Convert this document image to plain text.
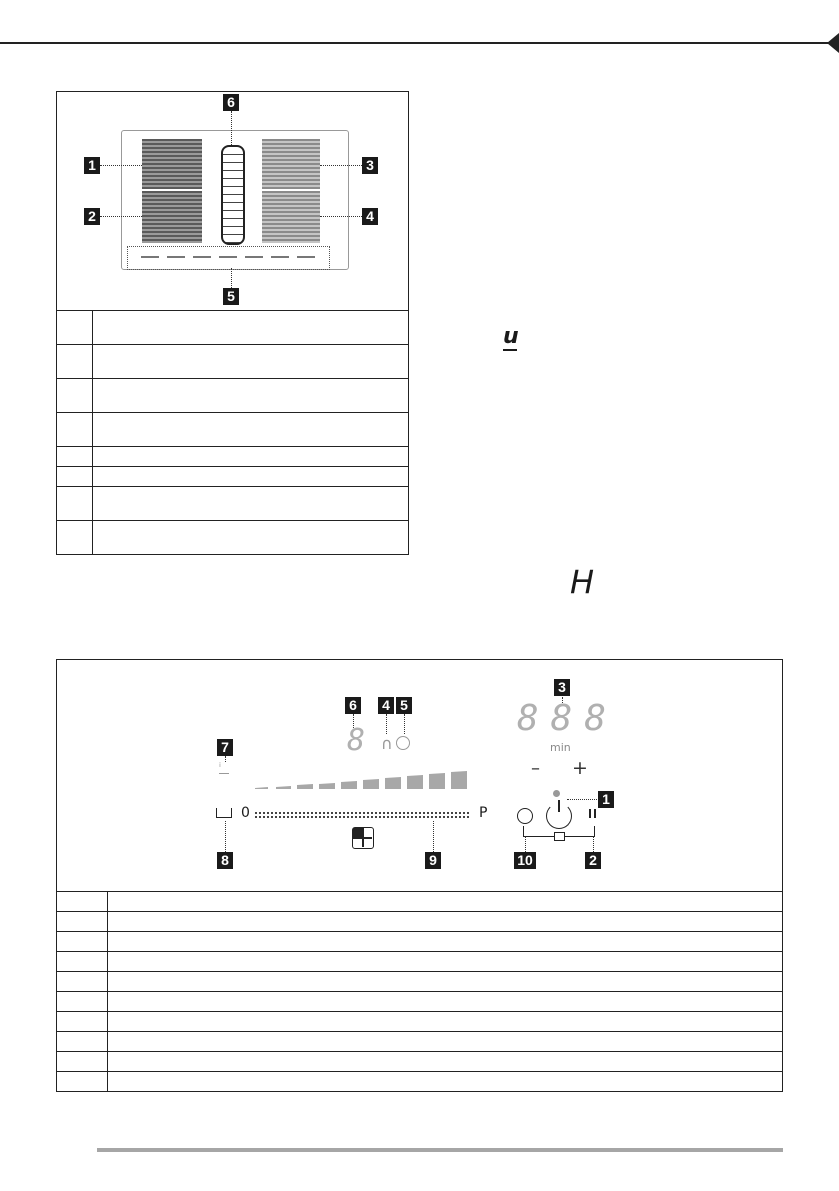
1
2
3
4
5
6

u
H
888
min
– +
8 ∩
0	P
ᵢ
1
2
3
4 5
6
7
8	9	10
